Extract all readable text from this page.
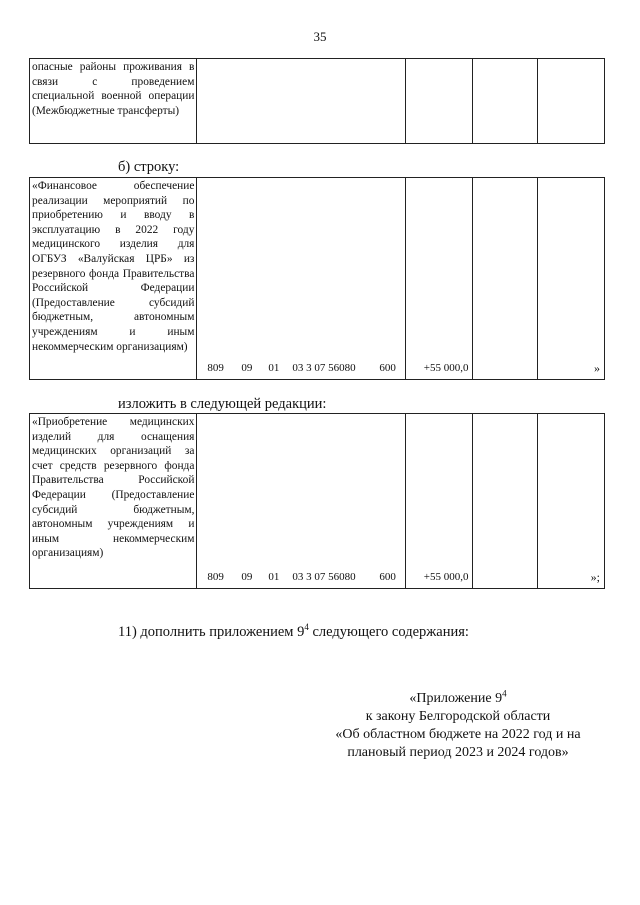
35
опасные районы проживания в связи с проведением специальной военной операции (Межбюджетные трансферты)
б) строку:
«Финансовое обеспечение реализации мероприятий по приобретению и вводу в эксплуатацию в 2022 году медицинского изделия для ОГБУЗ «Валуйская ЦРБ» из резервного фонда Правительства Российской Федерации (Предоставление субсидий бюджетным, автономным учреждениям и иным некоммерческим организациям)
809 09 01 03 3 07 56080 600	+55 000,0	»
изложить в следующей редакции:
«Приобретение медицинских изделий для оснащения медицинских организаций за счет средств резервного фонда Правительства Российской Федерации (Предоставление субсидий бюджетным, автономным учреждениям и иным некоммерческим организациям)
809 09 01 03 3 07 56080 600	+55 000,0	»;
11) дополнить приложением $9^4$ следующего содержания:
«Приложение $9^4$
к закону Белгородской области
«Об областном бюджете на 2022 год и на
плановый период 2023 и 2024 годов»
